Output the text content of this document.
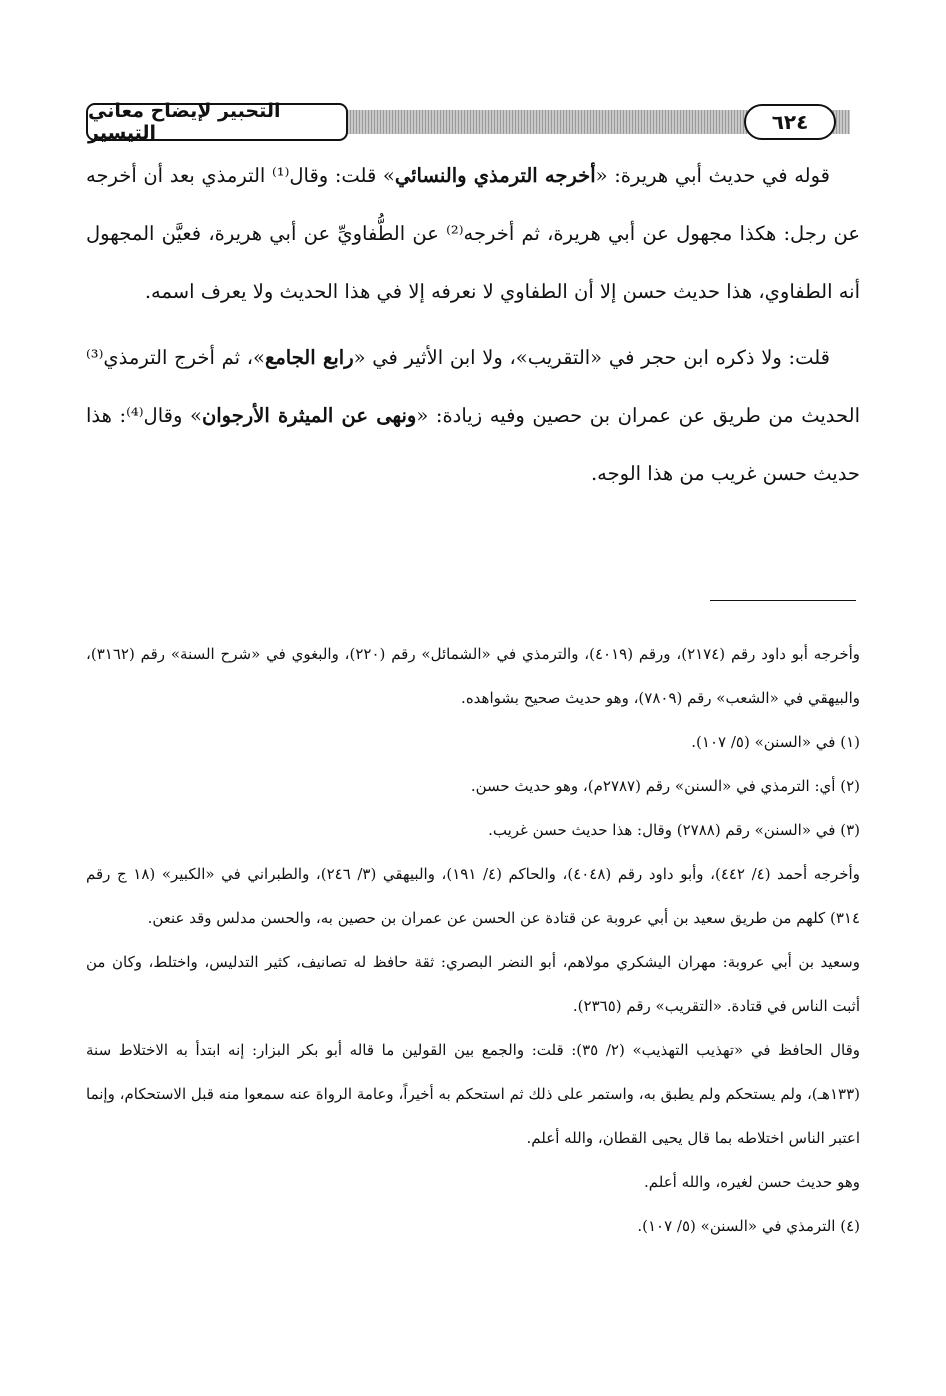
التحبير لإيضاح معاني التيسير	٦٢٤

قوله في حديث أبي هريرة: «أخرجه الترمذي والنسائي» قلت: وقال⁽¹⁾ الترمذي بعد أن أخرجه عن رجل: هكذا مجهول عن أبي هريرة، ثم أخرجه⁽²⁾ عن الطُّفاويِّ عن أبي هريرة، فعيَّن المجهول أنه الطفاوي، هذا حديث حسن إلا أن الطفاوي لا نعرفه إلا في هذا الحديث ولا يعرف اسمه.

قلت: ولا ذكره ابن حجر في «التقريب»، ولا ابن الأثير في «رابع الجامع»، ثم أخرج الترمذي⁽³⁾ الحديث من طريق عن عمران بن حصين وفيه زيادة: «ونهى عن الميثرة الأرجوان» وقال⁽⁴⁾: هذا حديث حسن غريب من هذا الوجه.

وأخرجه أبو داود رقم (٢١٧٤)، ورقم (٤٠١٩)، والترمذي في «الشمائل» رقم (٢٢٠)، والبغوي في «شرح السنة» رقم (٣١٦٢)، والبيهقي في «الشعب» رقم (٧٨٠٩)، وهو حديث صحيح بشواهده.

(١) في «السنن» (٥/ ١٠٧).

(٢) أي: الترمذي في «السنن» رقم (٢٧٨٧م)، وهو حديث حسن.

(٣) في «السنن» رقم (٢٧٨٨) وقال: هذا حديث حسن غريب.

وأخرجه أحمد (٤/ ٤٤٢)، وأبو داود رقم (٤٠٤٨)، والحاكم (٤/ ١٩١)، والبيهقي (٣/ ٢٤٦)، والطبراني في «الكبير» (١٨ ج رقم ٣١٤) كلهم من طريق سعيد بن أبي عروبة عن قتادة عن الحسن عن عمران بن حصين به، والحسن مدلس وقد عنعن.

وسعيد بن أبي عروبة: مهران اليشكري مولاهم، أبو النضر البصري: ثقة حافظ له تصانيف، كثير التدليس، واختلط، وكان من أثبت الناس في قتادة. «التقريب» رقم (٢٣٦٥).

وقال الحافظ في «تهذيب التهذيب» (٢/ ٣٥): قلت: والجمع بين القولين ما قاله أبو بكر البزار: إنه ابتدأ به الاختلاط سنة (١٣٣هـ)، ولم يستحكم ولم يطبق به، واستمر على ذلك ثم استحكم به أخيراً، وعامة الرواة عنه سمعوا منه قبل الاستحكام، وإنما اعتبر الناس اختلاطه بما قال يحيى القطان، والله أعلم.

وهو حديث حسن لغيره، والله أعلم.

(٤) الترمذي في «السنن» (٥/ ١٠٧).
